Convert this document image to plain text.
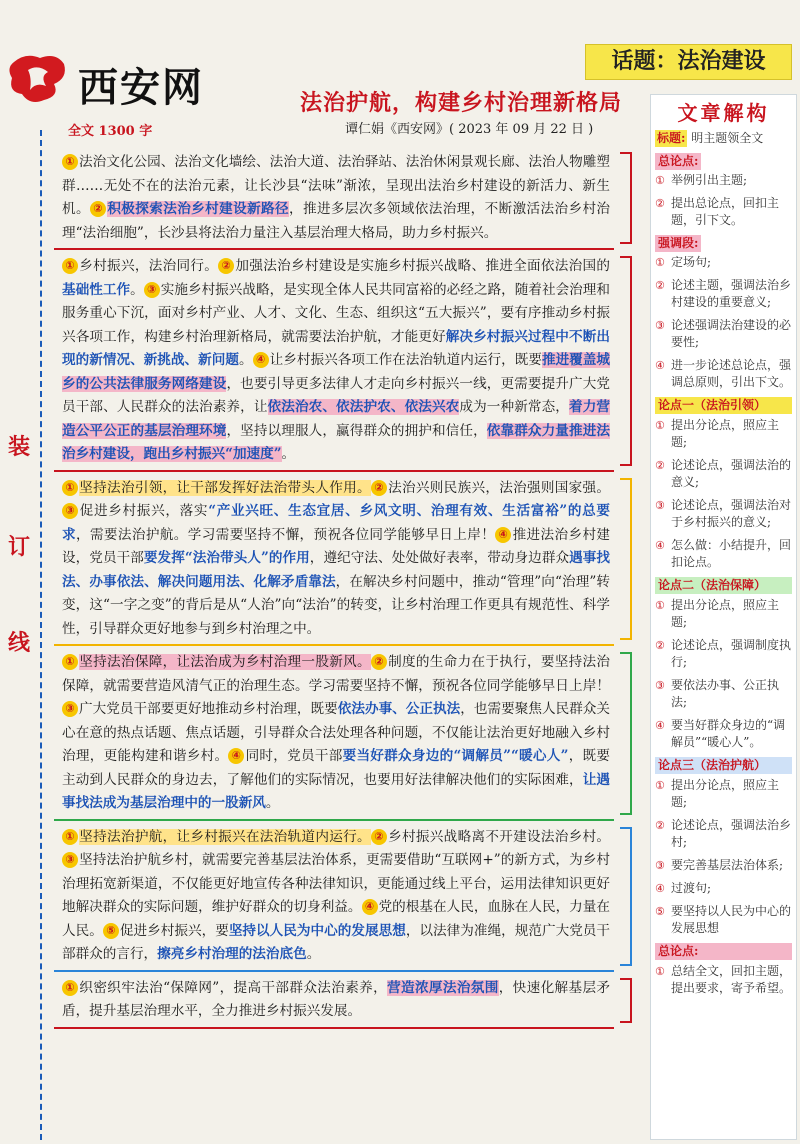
西安网
话题：法治建设
法治护航，构建乡村治理新格局
谭仁娟《西安网》( 2023 年 09 月 22 日 )
全文 1300 字
装
订
线
① 法治文化公园、法治文化墙绘、法治大道、法治驿站、法治休闲景观长廊、法治人物雕塑群……无处不在的法治元素，让长沙县“法味”渐浓，呈现出法治乡村建设的新活力、新生机。 ② 积极探索法治乡村建设新路径，推进多层次多领域依法治理，不断激活法治乡村治理“法治细胞”，长沙县将法治力量注入基层治理大格局，助力乡村振兴。
① 乡村振兴，法治同行。 ② 加强法治乡村建设是实施乡村振兴战略、推进全面依法治国的基础性工作。 ③ 实施乡村振兴战略，是实现全体人民共同富裕的必经之路，随着社会治理和服务重心下沉，面对乡村产业、人才、文化、生态、组织这“五大振兴”，要有序推动乡村振兴各项工作，构建乡村治理新格局，就需要法治护航，才能更好解决乡村振兴过程中不断出现的新情况、新挑战、新问题。 ④ 让乡村振兴各项工作在法治轨道内运行，既要推进覆盖城乡的公共法律服务网络建设，也要引导更多法律人才走向乡村振兴一线，更需要提升广大党员干部、人民群众的法治素养，让依法治农、依法护农、依法兴农成为一种新常态，着力营造公平公正的基层治理环境，坚持以理服人，赢得群众的拥护和信任，依靠群众力量推进法治乡村建设，跑出乡村振兴“加速度”。
① 坚持法治引领，让干部发挥好法治带头人作用。 ② 法治兴则民族兴，法治强则国家强。③ 促进乡村振兴，落实“产业兴旺、生态宜居、乡风文明、治理有效、生活富裕”的总要求，需要法治护航。学习需要坚持不懈，预祝各位同学能够早日上岸！ ④ 推进法治乡村建设，党员干部要发挥“法治带头人”的作用，遵纪守法、处处做好表率，带动身边群众遇事找法、办事依法、解决问题用法、化解矛盾靠法，在解决乡村问题中，推动“管理”向“治理”转变，这“一字之变”的背后是从“人治”向“法治”的转变，让乡村治理工作更具有规范性、科学性，引导群众更好地参与到乡村治理之中。
① 坚持法治保障，让法治成为乡村治理一股新风。 ② 制度的生命力在于执行，要坚持法治保障，就需要营造风清气正的治理生态。学习需要坚持不懈，预祝各位同学能够早日上岸！③ 广大党员干部要更好地推动乡村治理，既要依法办事、公正执法，也需要聚焦人民群众关心在意的热点话题、焦点话题，引导群众合法处理各种问题，不仅能让法治更好地融入乡村治理，更能构建和谐乡村。 ④ 同时，党员干部要当好群众身边的“调解员”“暖心人”，既要主动到人民群众的身边去，了解他们的实际情况，也要用好法律解决他们的实际困难，让遇事找法成为基层治理中的一股新风。
① 坚持法治护航，让乡村振兴在法治轨道内运行。 ② 乡村振兴战略离不开建设法治乡村。③ 坚持法治护航乡村，就需要完善基层法治体系，更需要借助“互联网+”的新方式，为乡村治理拓宽新渠道，不仅能更好地宣传各种法律知识，更能通过线上平台，运用法律知识更好地解决群众的实际问题，维护好群众的切身利益。 ④ 党的根基在人民，血脉在人民，力量在人民。 ⑤ 促进乡村振兴，要坚持以人民为中心的发展思想，以法律为准绳，规范广大党员干部群众的言行，擦亮乡村治理的法治底色。
① 织密织牢法治“保障网”，提高干部群众法治素养，营造浓厚法治氛围，快速化解基层矛盾，提升基层治理水平，全力推进乡村振兴发展。
文章解构
标题: 明主题领全文
总论点:
① 举例引出主题;
② 提出总论点，回扣主题，引下文。
强调段:
① 定场句;
② 论述主题，强调法治乡村建设的重要意义;
③ 论述强调法治建设的必要性;
④ 进一步论述总论点，强调总原则，引出下文。
论点一（法治引领）
① 提出分论点，照应主题;
② 论述论点，强调法治的意义;
③ 论述论点，强调法治对于乡村振兴的意义;
④ 怎么做：小结提升，回扣论点。
论点二（法治保障）
① 提出分论点，照应主题;
② 论述论点，强调制度执行;
③ 要依法办事、公正执法;
④ 要当好群众身边的“调解员”“暖心人”。
论点三（法治护航）
① 提出分论点，照应主题;
② 论述论点，强调法治乡村;
③ 要完善基层法治体系;
④ 过渡句;
⑤ 要坚持以人民为中心的发展思想
总论点:
① 总结全文，回扣主题，提出要求，寄予希望。
